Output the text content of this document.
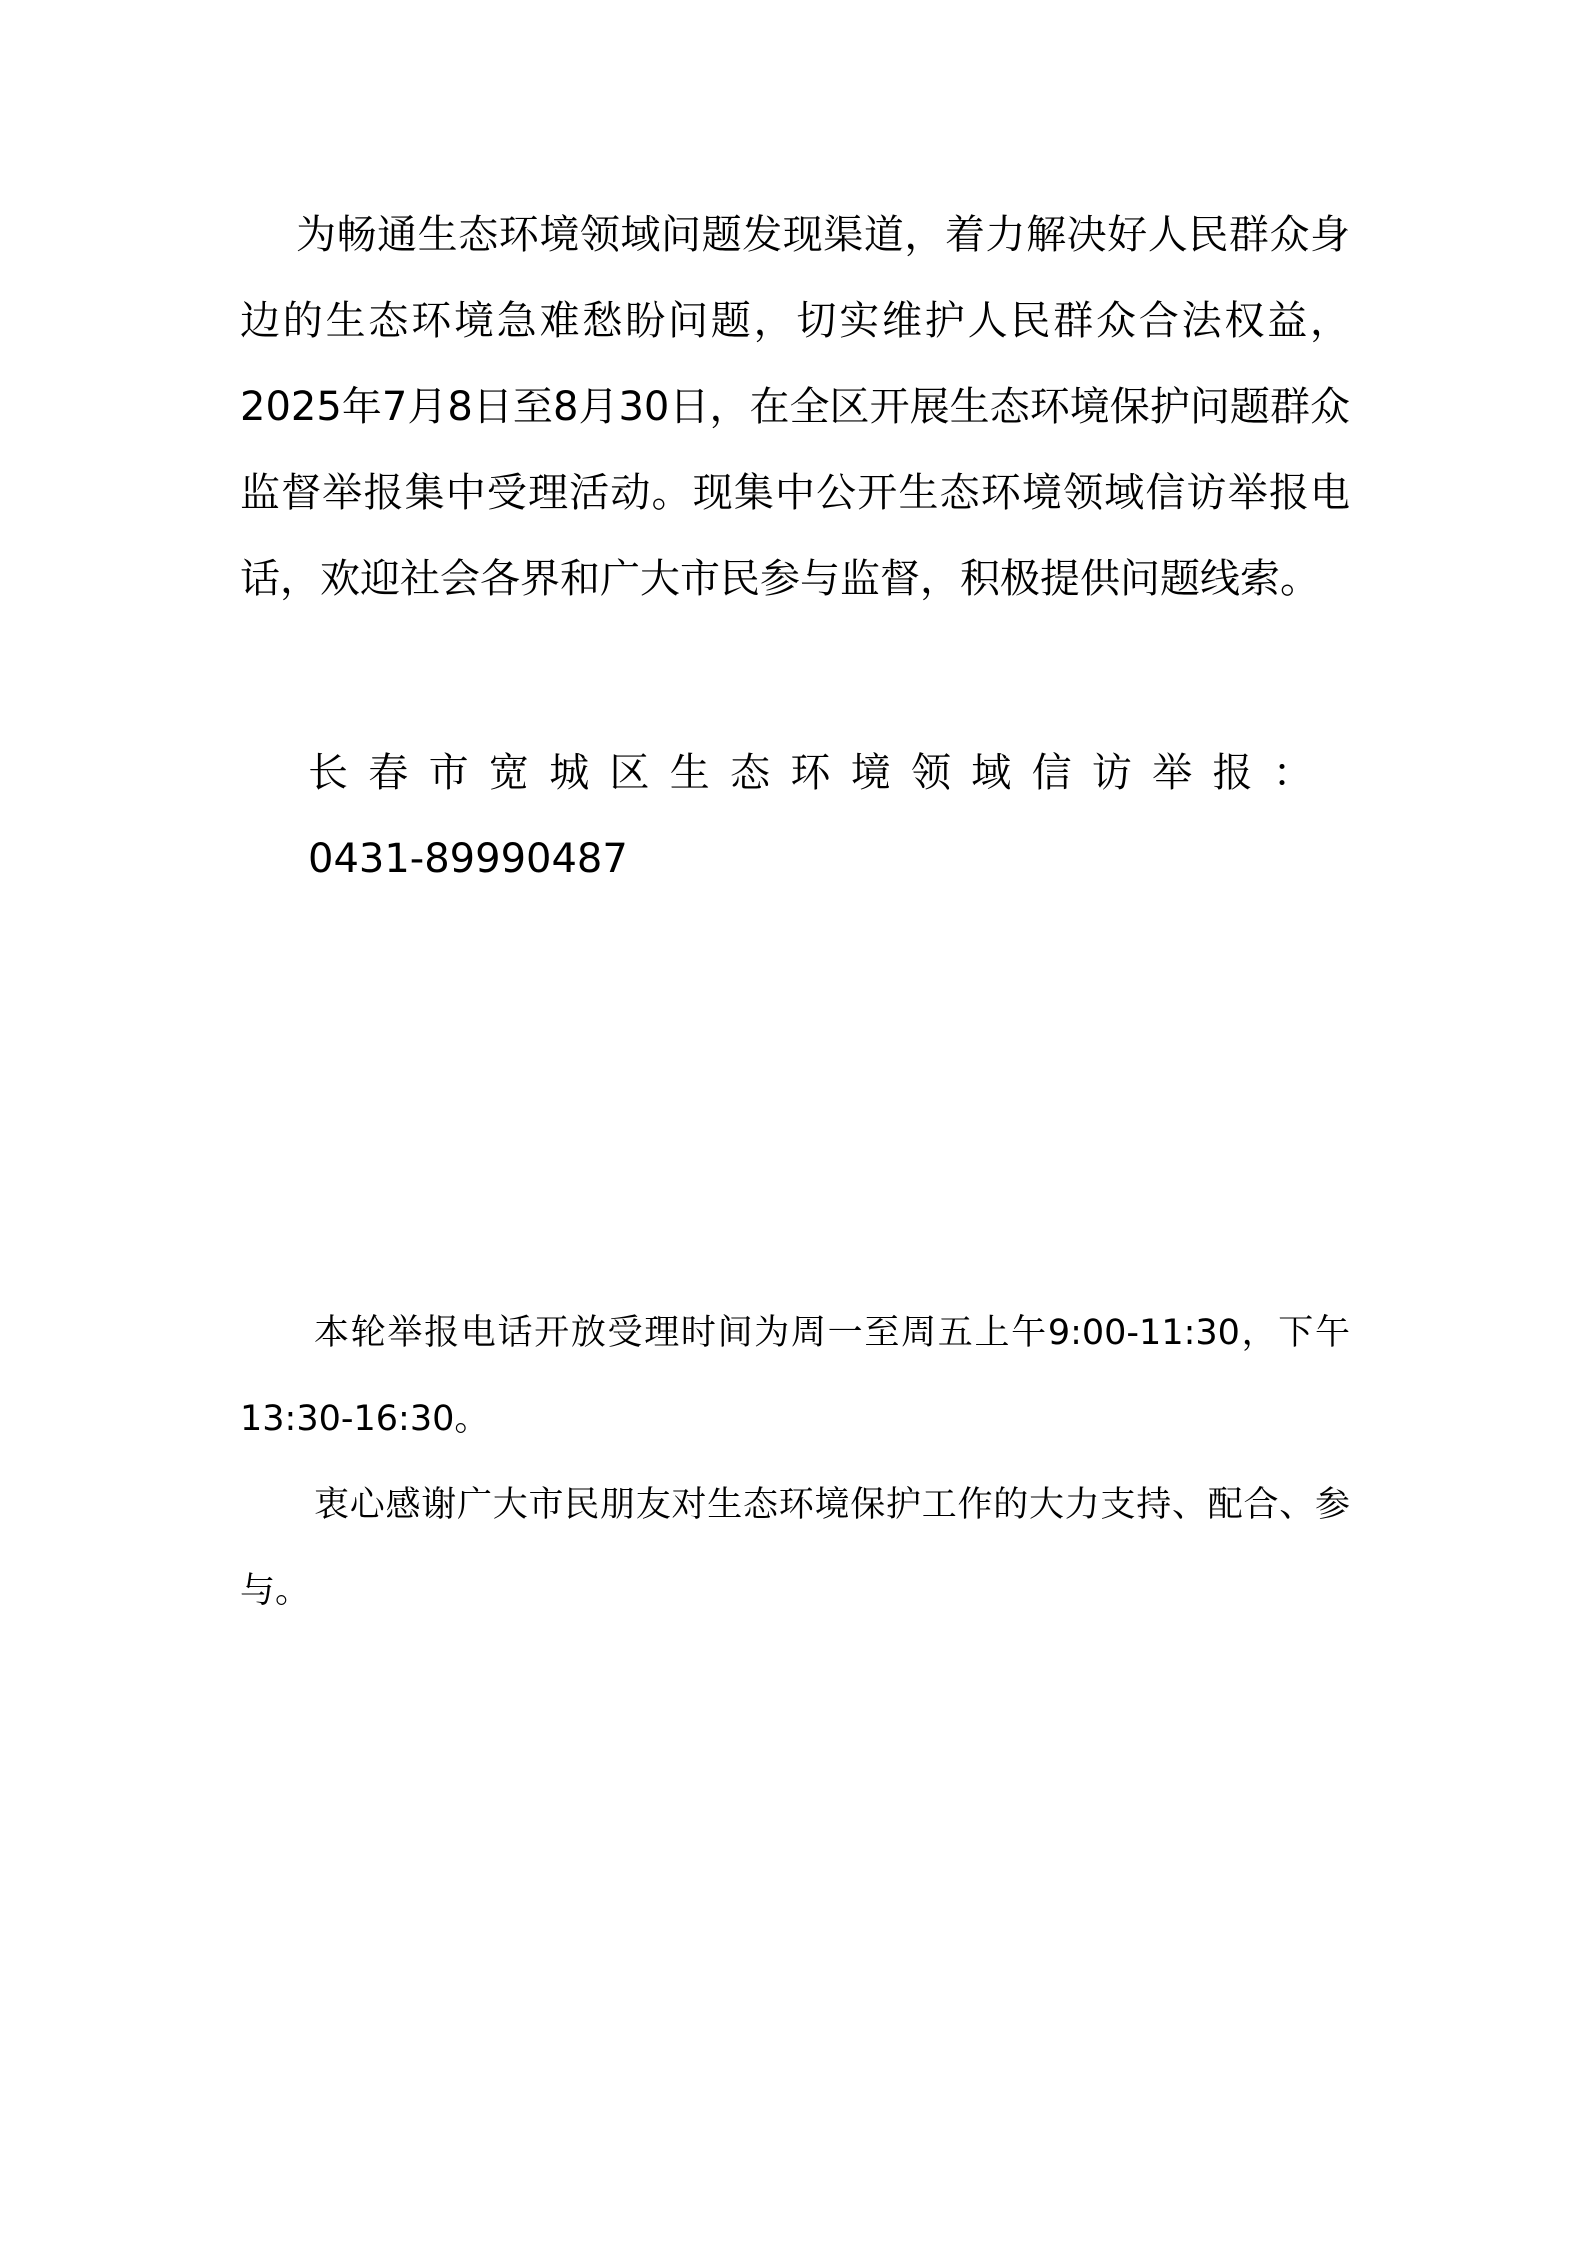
为畅通生态环境领域问题发现渠道，着力解决好人民群众身边的生态环境急难愁盼问题，切实维护人民群众合法权益，2025年7月8日至8月30日，在全区开展生态环境保护问题群众监督举报集中受理活动。现集中公开生态环境领域信访举报电话，欢迎社会各界和广大市民参与监督，积极提供问题线索。

长春市宽城区生态环境领域信访举报：
0431-89990487

本轮举报电话开放受理时间为周一至周五上午9:00-11:30，下午13:30-16:30。

衷心感谢广大市民朋友对生态环境保护工作的大力支持、配合、参与。
